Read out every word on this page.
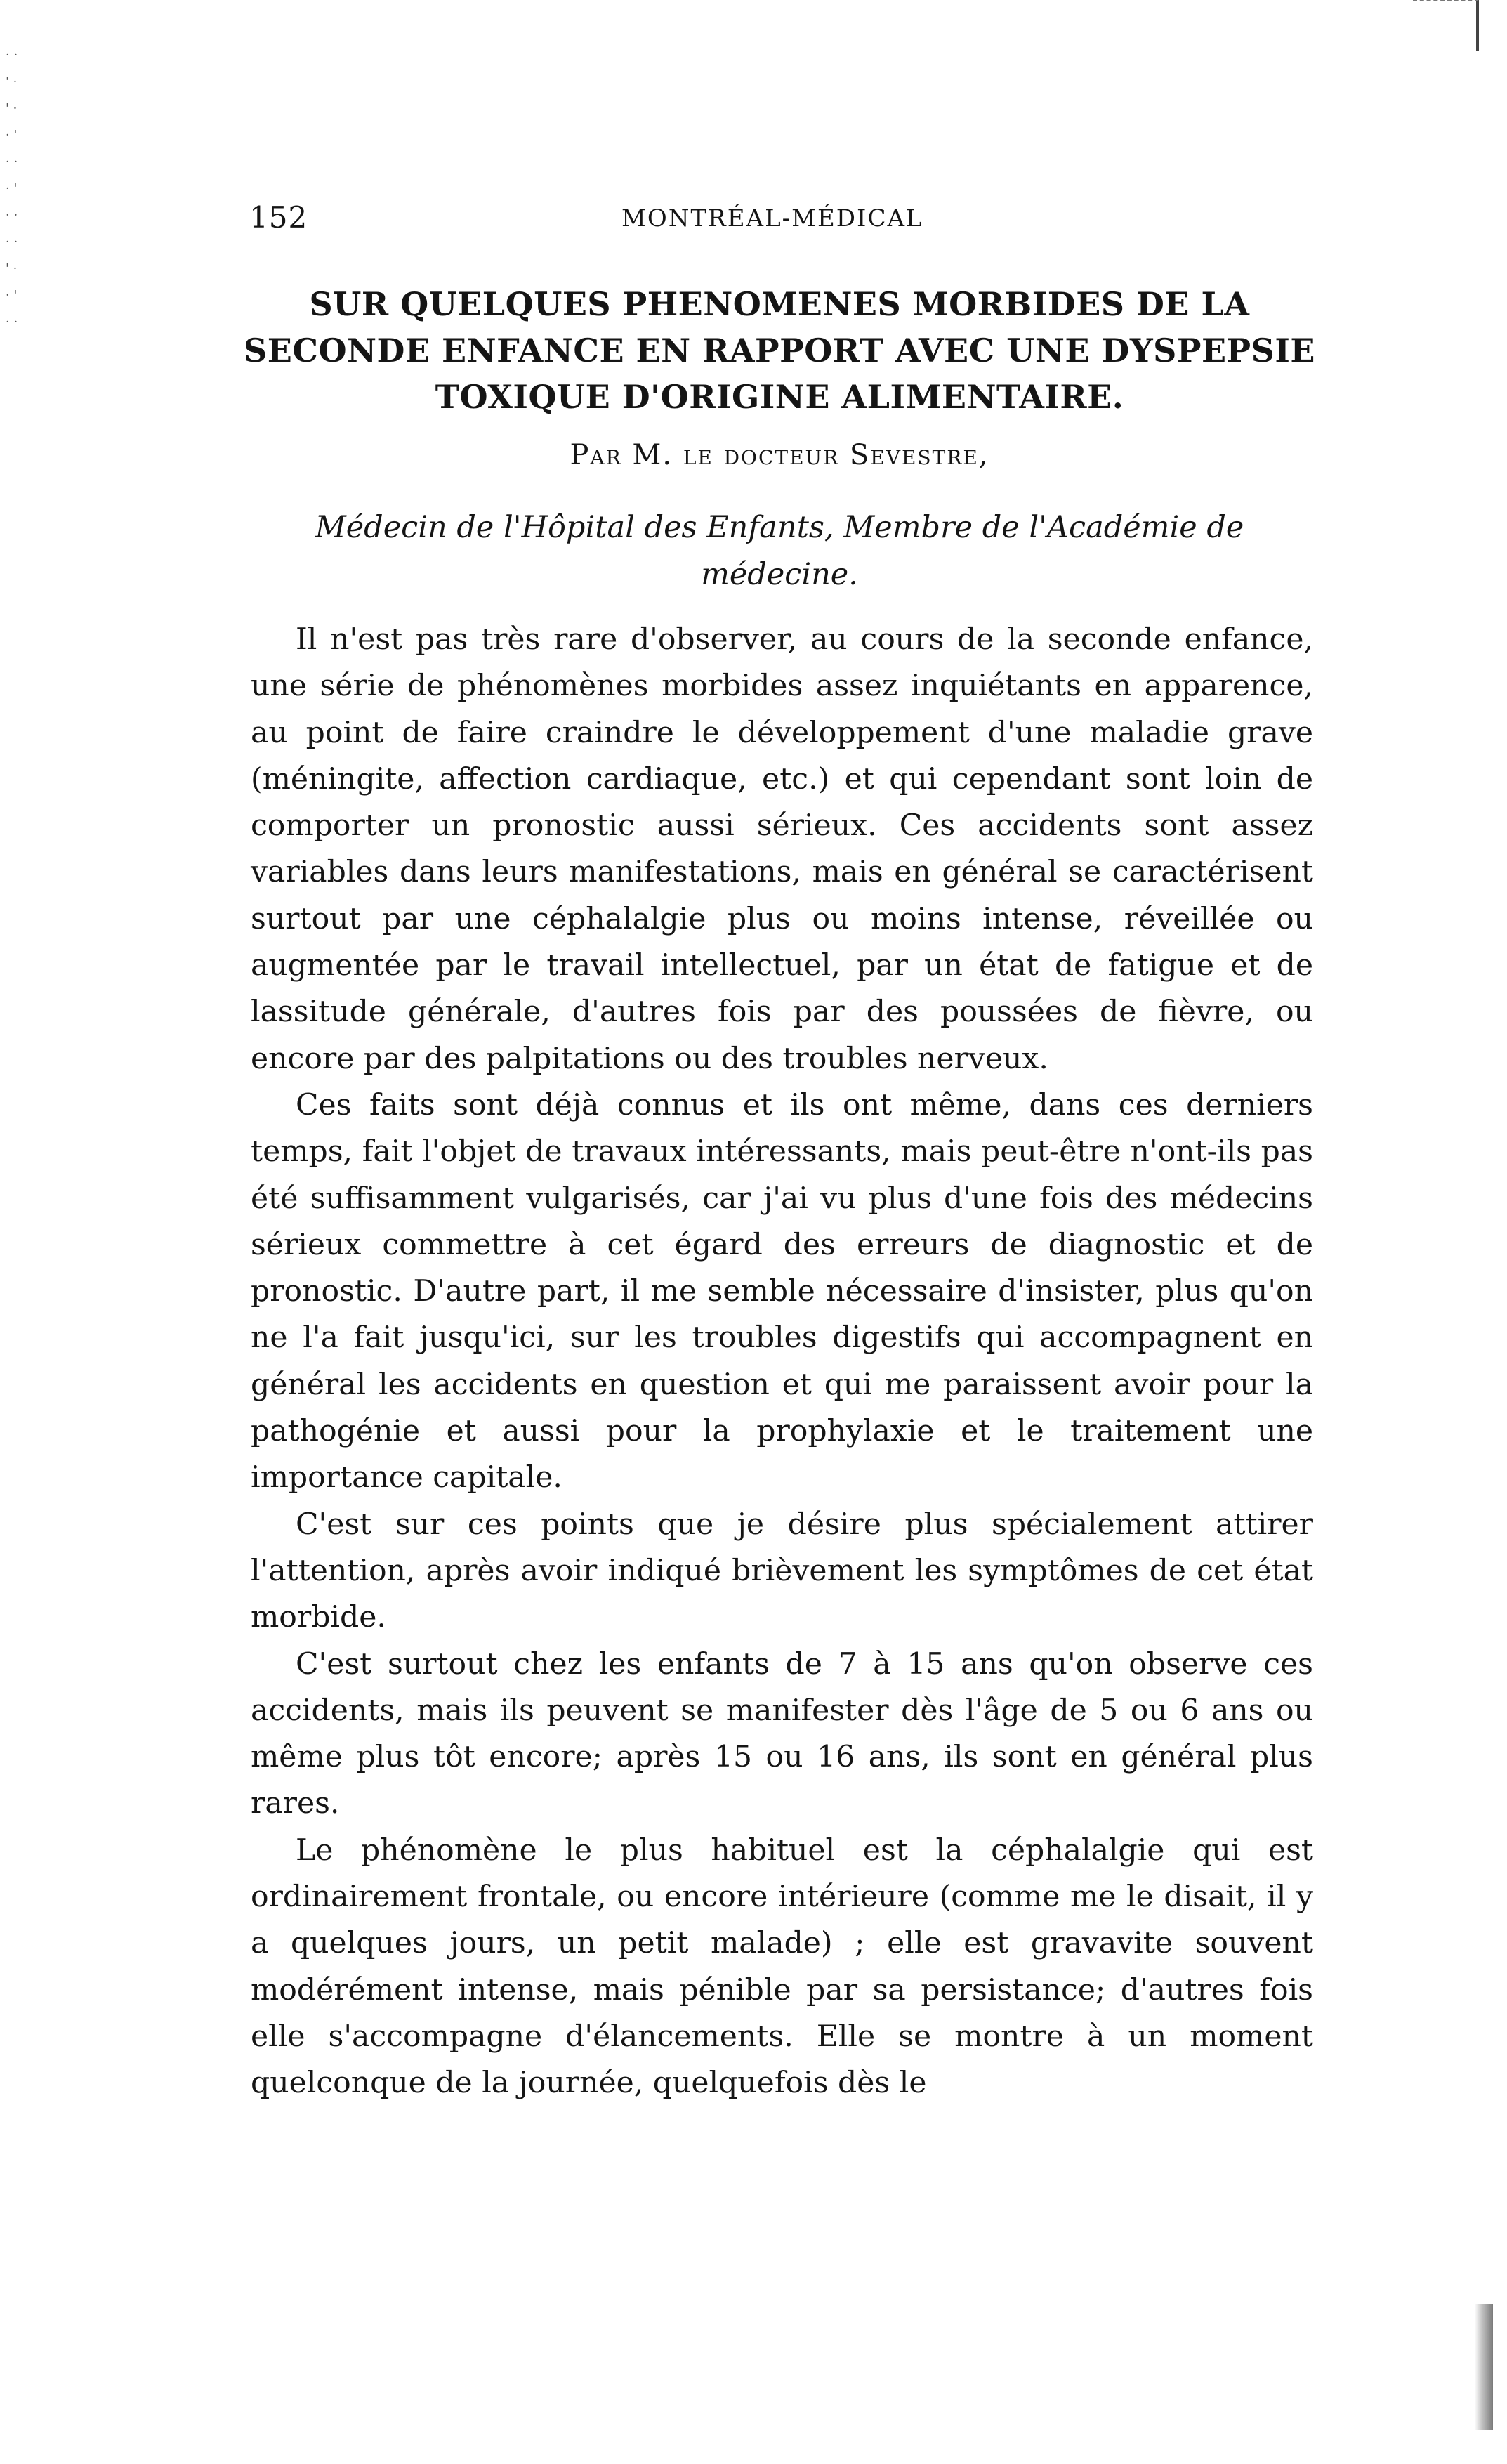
· · ' · ' · · ' · · · ' · · · · ' · · ' · ·
152	MONTRÉAL-MÉDICAL
SUR QUELQUES PHENOMENES MORBIDES DE LA SECONDE ENFANCE EN RAPPORT AVEC UNE DYSPEPSIE TOXIQUE D'ORIGINE ALIMENTAIRE.
Par M. le docteur Sevestre,
Médecin de l'Hôpital des Enfants, Membre de l'Académie de médecine.

Il n'est pas très rare d'observer, au cours de la seconde enfance, une série de phénomènes morbides assez inquiétants en apparence, au point de faire craindre le développement d'une maladie grave (méningite, affection cardiaque, etc.) et qui cependant sont loin de comporter un pronostic aussi sérieux. Ces accidents sont assez variables dans leurs manifestations, mais en général se caractérisent surtout par une céphalalgie plus ou moins intense, réveillée ou augmentée par le travail intellectuel, par un état de fatigue et de lassitude générale, d'autres fois par des poussées de fièvre, ou encore par des palpitations ou des troubles nerveux.

Ces faits sont déjà connus et ils ont même, dans ces derniers temps, fait l'objet de travaux intéressants, mais peut-être n'ont-ils pas été suffisamment vulgarisés, car j'ai vu plus d'une fois des médecins sérieux commettre à cet égard des erreurs de diagnostic et de pronostic. D'autre part, il me semble nécessaire d'insister, plus qu'on ne l'a fait jusqu'ici, sur les troubles digestifs qui accompagnent en général les accidents en question et qui me paraissent avoir pour la pathogénie et aussi pour la prophylaxie et le traitement une importance capitale.

C'est sur ces points que je désire plus spécialement attirer l'attention, après avoir indiqué brièvement les symptômes de cet état morbide.

C'est surtout chez les enfants de 7 à 15 ans qu'on observe ces accidents, mais ils peuvent se manifester dès l'âge de 5 ou 6 ans ou même plus tôt encore; après 15 ou 16 ans, ils sont en général plus rares.

Le phénomène le plus habituel est la céphalalgie qui est ordinairement frontale, ou encore intérieure (comme me le disait, il y a quelques jours, un petit malade) ; elle est gravavite souvent modérément intense, mais pénible par sa persistance; d'autres fois elle s'accompagne d'élancements. Elle se montre à un moment quelconque de la journée, quelquefois dès le
